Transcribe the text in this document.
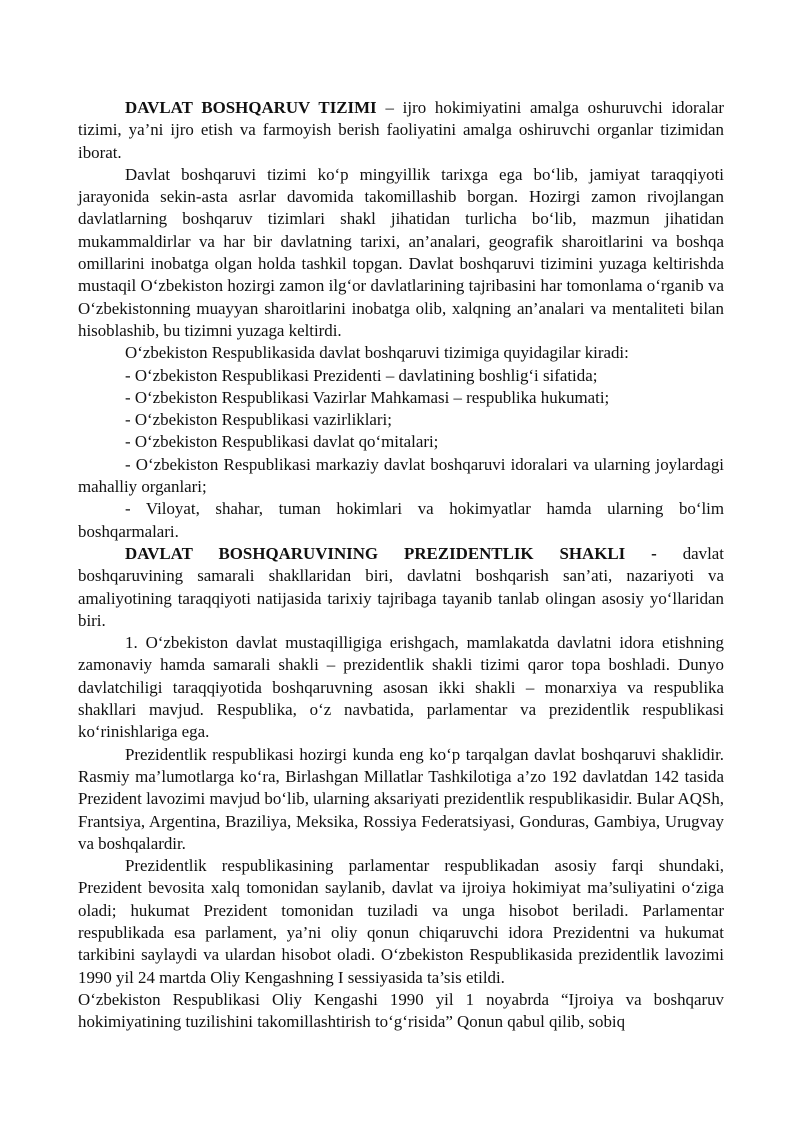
DAVLAT BOSHQARUV TIZIMI – ijro hokimiyatini amalga oshuruvchi idoralar tizimi, ya’ni ijro etish va farmoyish berish faoliyatini amalga oshiruvchi organlar tizimidan iborat.

Davlat boshqaruvi tizimi ko‘p mingyillik tarixga ega bo‘lib, jamiyat taraqqiyoti jarayonida sekin-asta asrlar davomida takomillashib borgan. Hozirgi zamon rivojlangan davlatlarning boshqaruv tizimlari shakl jihatidan turlicha bo‘lib, mazmun jihatidan mukammaldirlar va har bir davlatning tarixi, an’analari, geografik sharoitlarini va boshqa omillarini inobatga olgan holda tashkil topgan. Davlat boshqaruvi tizimini yuzaga keltirishda mustaqil O‘zbekiston hozirgi zamon ilg‘or davlatlarining tajribasini har tomonlama o‘rganib va O‘zbekistonning muayyan sharoitlarini inobatga olib, xalqning an’analari va mentaliteti bilan hisoblashib, bu tizimni yuzaga keltirdi.

O‘zbekiston Respublikasida davlat boshqaruvi tizimiga quyidagilar kiradi:

- O‘zbekiston Respublikasi Prezidenti – davlatining boshlig‘i sifatida;

- O‘zbekiston Respublikasi Vazirlar Mahkamasi – respublika hukumati;

- O‘zbekiston Respublikasi vazirliklari;

- O‘zbekiston Respublikasi davlat qo‘mitalari;

- O‘zbekiston Respublikasi markaziy davlat boshqaruvi idoralari va ularning joylardagi mahalliy organlari;

- Viloyat, shahar, tuman hokimlari va hokimyatlar hamda ularning bo‘lim boshqarmalari.

DAVLAT BOSHQARUVINING PREZIDENTLIK SHAKLI - davlat boshqaruvining samarali shakllaridan biri, davlatni boshqarish san’ati, nazariyoti va amaliyotining taraqqiyoti natijasida tarixiy tajribaga tayanib tanlab olingan asosiy yo‘llaridan biri.

1. O‘zbekiston davlat mustaqilligiga erishgach, mamlakatda davlatni idora etishning zamonaviy hamda samarali shakli – prezidentlik shakli tizimi qaror topa boshladi. Dunyo davlatchiligi taraqqiyotida boshqaruvning asosan ikki shakli – monarxiya va respublika shakllari mavjud. Respublika, o‘z navbatida, parlamentar va prezidentlik respublikasi ko‘rinishlariga ega.

Prezidentlik respublikasi hozirgi kunda eng ko‘p tarqalgan davlat boshqaruvi shaklidir. Rasmiy ma’lumotlarga ko‘ra, Birlashgan Millatlar Tashkilotiga a’zo 192 davlatdan 142 tasida Prezident lavozimi mavjud bo‘lib, ularning aksariyati prezidentlik respublikasidir. Bular AQSh, Frantsiya, Argentina, Braziliya, Meksika, Rossiya Federatsiyasi, Gonduras, Gambiya, Urugvay va boshqalardir.

Prezidentlik respublikasining parlamentar respublikadan asosiy farqi shundaki, Prezident bevosita xalq tomonidan saylanib, davlat va ijroiya hokimiyat ma’suliyatini o‘ziga oladi; hukumat Prezident tomonidan tuziladi va unga hisobot beriladi. Parlamentar respublikada esa parlament, ya’ni oliy qonun chiqaruvchi idora Prezidentni va hukumat tarkibini saylaydi va ulardan hisobot oladi. O‘zbekiston Respublikasida prezidentlik lavozimi 1990 yil 24 martda Oliy Kengashning I sessiyasida ta’sis etildi.

O‘zbekiston Respublikasi Oliy Kengashi 1990 yil 1 noyabrda “Ijroiya va boshqaruv hokimiyatining tuzilishini takomillashtirish to‘g‘risida” Qonun qabul qilib, sobiq
